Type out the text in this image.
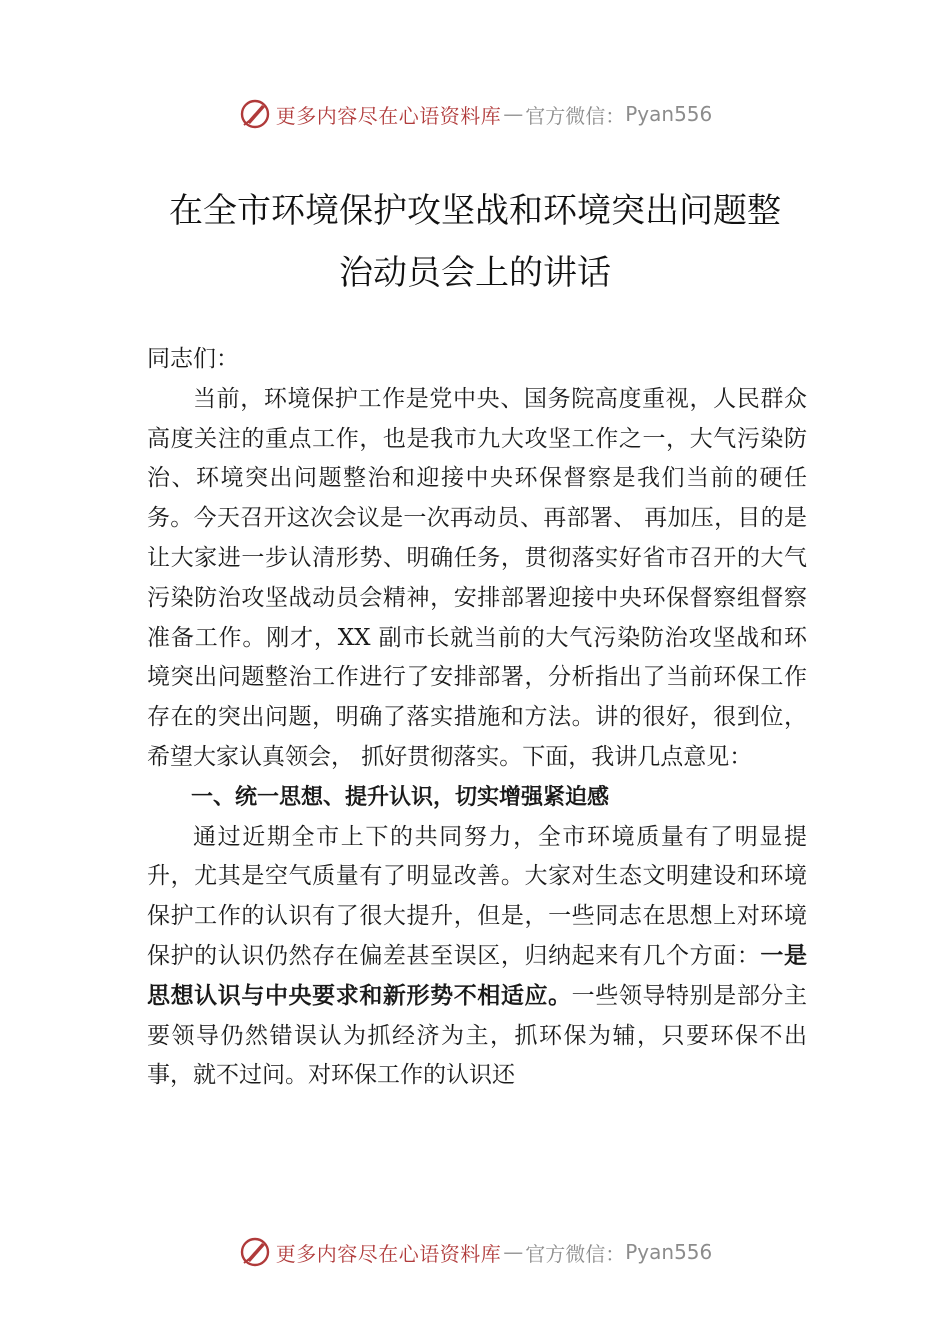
更多内容尽在心语资料库 — 官方微信： Pyan556
在全市环境保护攻坚战和环境突出问题整
治动员会上的讲话

同志们：

当前，环境保护工作是党中央、国务院高度重视，人民群众高度关注的重点工作，也是我市九大攻坚工作之一，大气污染防治、环境突出问题整治和迎接中央环保督察是我们当前的硬任务。今天召开这次会议是一次再动员、再部署、 再加压，目的是让大家进一步认清形势、明确任务，贯彻落实好省市召开的大气污染防治攻坚战动员会精神，安排部署迎接中央环保督察组督察准备工作。刚才，XX 副市长就当前的大气污染防治攻坚战和环境突出问题整治工作进行了安排部署，分析指出了当前环保工作存在的突出问题，明确了落实措施和方法。讲的很好，很到位，希望大家认真领会， 抓好贯彻落实。下面，我讲几点意见：

一、统一思想、提升认识，切实增强紧迫感

通过近期全市上下的共同努力，全市环境质量有了明显提升，尤其是空气质量有了明显改善。大家对生态文明建设和环境保护工作的认识有了很大提升，但是，一些同志在思想上对环境保护的认识仍然存在偏差甚至误区，归纳起来有几个方面：一是思想认识与中央要求和新形势不相适应。一些领导特别是部分主要领导仍然错误认为抓经济为主，抓环保为辅，只要环保不出事，就不过问。对环保工作的认识还

更多内容尽在心语资料库 — 官方微信： Pyan556
